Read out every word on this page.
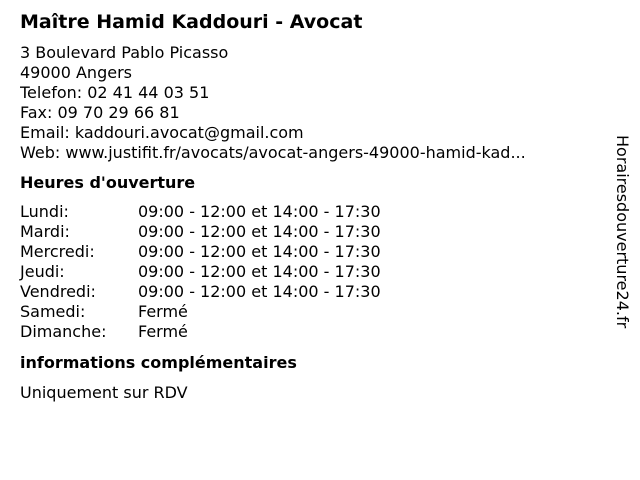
Maître Hamid Kaddouri - Avocat
3 Boulevard Pablo Picasso
49000 Angers
Telefon: 02 41 44 03 51
Fax: 09 70 29 66 81
Email: kaddouri.avocat@gmail.com
Web: www.justifit.fr/avocats/avocat-angers-49000-hamid-kad...
Heures d'ouverture
Lundi:	09:00 - 12:00 et 14:00 - 17:30
Mardi:	09:00 - 12:00 et 14:00 - 17:30
Mercredi:	09:00 - 12:00 et 14:00 - 17:30
Jeudi:	09:00 - 12:00 et 14:00 - 17:30
Vendredi:	09:00 - 12:00 et 14:00 - 17:30
Samedi:	Fermé
Dimanche:	Fermé
informations complémentaires
Uniquement sur RDV
Horairesdouverture24.fr
